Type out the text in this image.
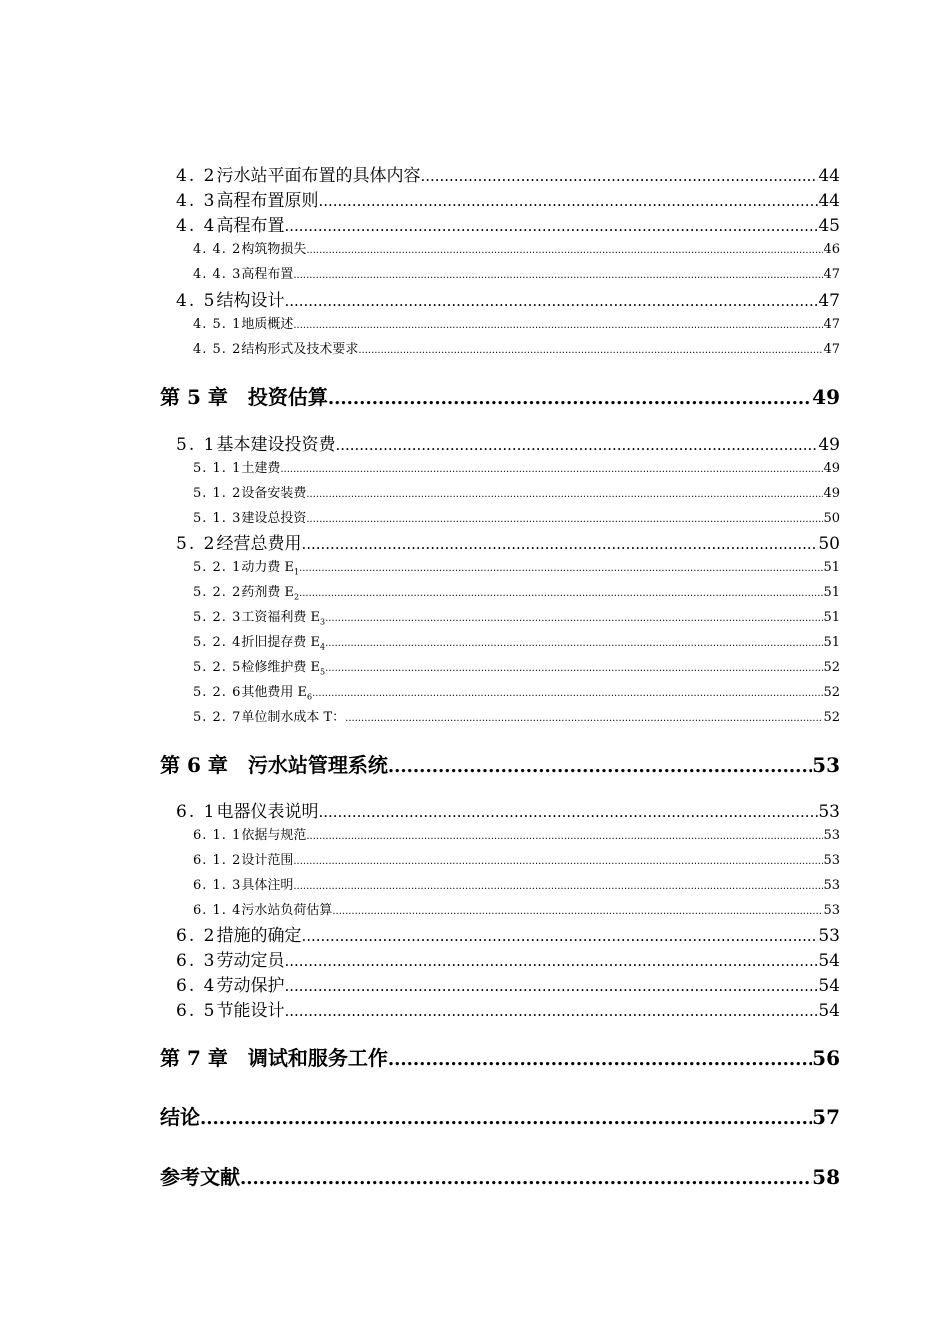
4. 2 污水站平面布置的具体内容 .....	44
4. 3 高程布置原则 .....	44
4. 4 高程布置 .....	45
4. 4. 2 构筑物损失 .....	46
4. 4. 3 高程布置 .....	47
4. 5 结构设计 .....	47
4. 5. 1 地质概述 .....	47
4. 5. 2 结构形式及技术要求 .....	47
第 5 章 投资估算 .....	49
5. 1 基本建设投资费 .....	49
5. 1. 1 土建费 .....	49
5. 1. 2 设备安装费 .....	49
5. 1. 3 建设总投资 .....	50
5. 2 经营总费用 .....	50
5. 2. 1 动力费 $E_1$ .....	51
5. 2. 2 药剂费 $E_2$ .....	51
5. 2. 3 工资福利费 $E_3$ .....	51
5. 2. 4 折旧提存费 $E_4$ .....	51
5. 2. 5 检修维护费 $E_5$ .....	52
5. 2. 6 其他费用 $E_6$ .....	52
5. 2. 7 单位制水成本 T： .....	52
第 6 章 污水站管理系统 .....	53
6. 1 电器仪表说明 .....	53
6. 1. 1 依据与规范 .....	53
6. 1. 2 设计范围 .....	53
6. 1. 3 具体注明 .....	53
6. 1. 4 污水站负荷估算 .....	53
6. 2 措施的确定 .....	53
6. 3 劳动定员 .....	54
6. 4 劳动保护 .....	54
6. 5 节能设计 .....	54
第 7 章 调试和服务工作 .....	56
结论 .....	57
参考文献 .....	58
